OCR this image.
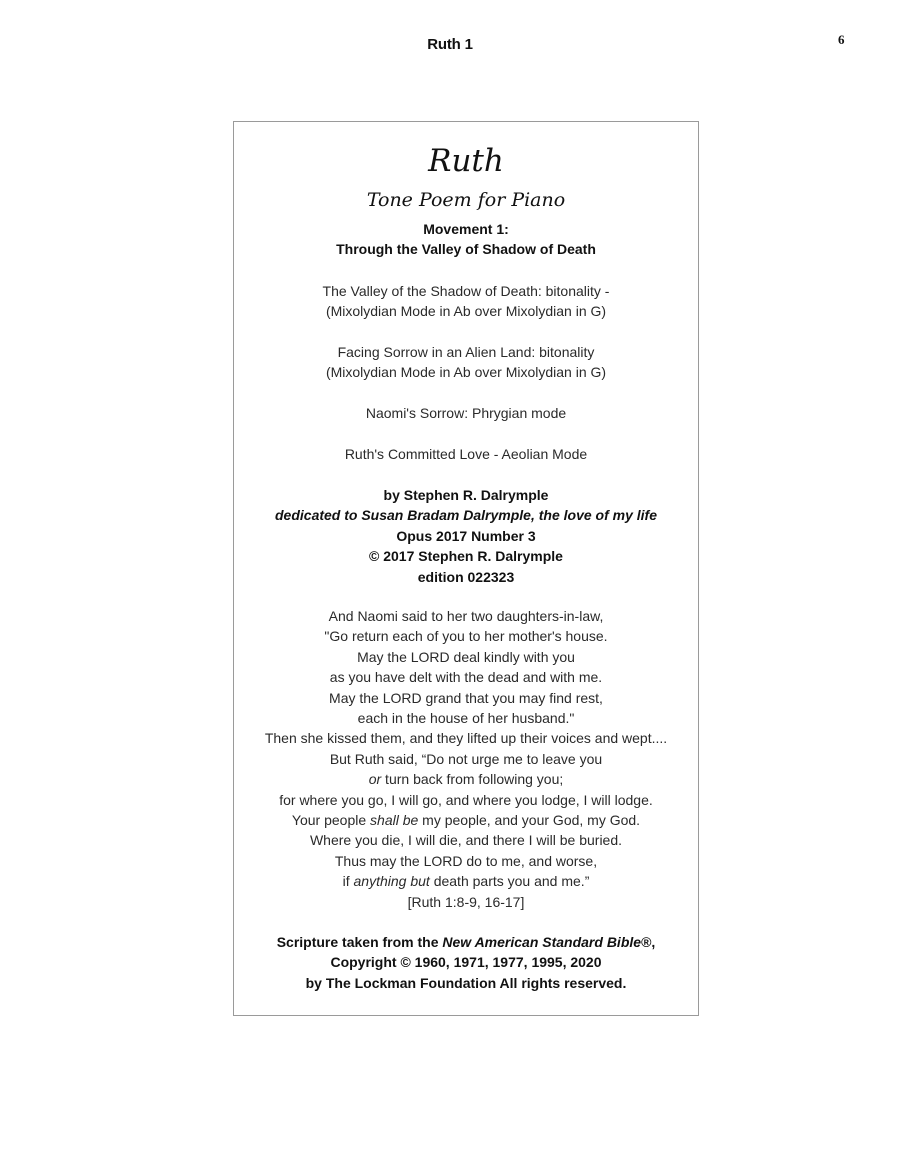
Ruth 1	6
Ruth
Tone Poem for Piano
Movement 1:
Through the Valley of Shadow of Death
The Valley of the Shadow of Death: bitonality -
(Mixolydian Mode in Ab over Mixolydian in G)
Facing Sorrow in an Alien Land: bitonality
(Mixolydian Mode in Ab over Mixolydian in G)
Naomi's Sorrow: Phrygian mode
Ruth's Committed Love - Aeolian Mode
by Stephen R. Dalrymple
dedicated to Susan Bradam Dalrymple, the love of my life
Opus 2017 Number 3
© 2017 Stephen R. Dalrymple
edition 022323
And Naomi said to her two daughters-in-law,
"Go return each of you to her mother's house.
May the LORD deal kindly with you
as you have delt with the dead and with me.
May the LORD grand that you may find rest,
each in the house of her husband."
Then she kissed them, and they lifted up their voices and wept....
But Ruth said, “Do not urge me to leave you
or turn back from following you;
for where you go, I will go, and where you lodge, I will lodge.
Your people shall be my people, and your God, my God.
Where you die, I will die, and there I will be buried.
Thus may the LORD do to me, and worse,
if anything but death parts you and me.”
[Ruth 1:8-9, 16-17]
Scripture taken from the New American Standard Bible®,
Copyright © 1960, 1971, 1977, 1995, 2020
by The Lockman Foundation All rights reserved.
